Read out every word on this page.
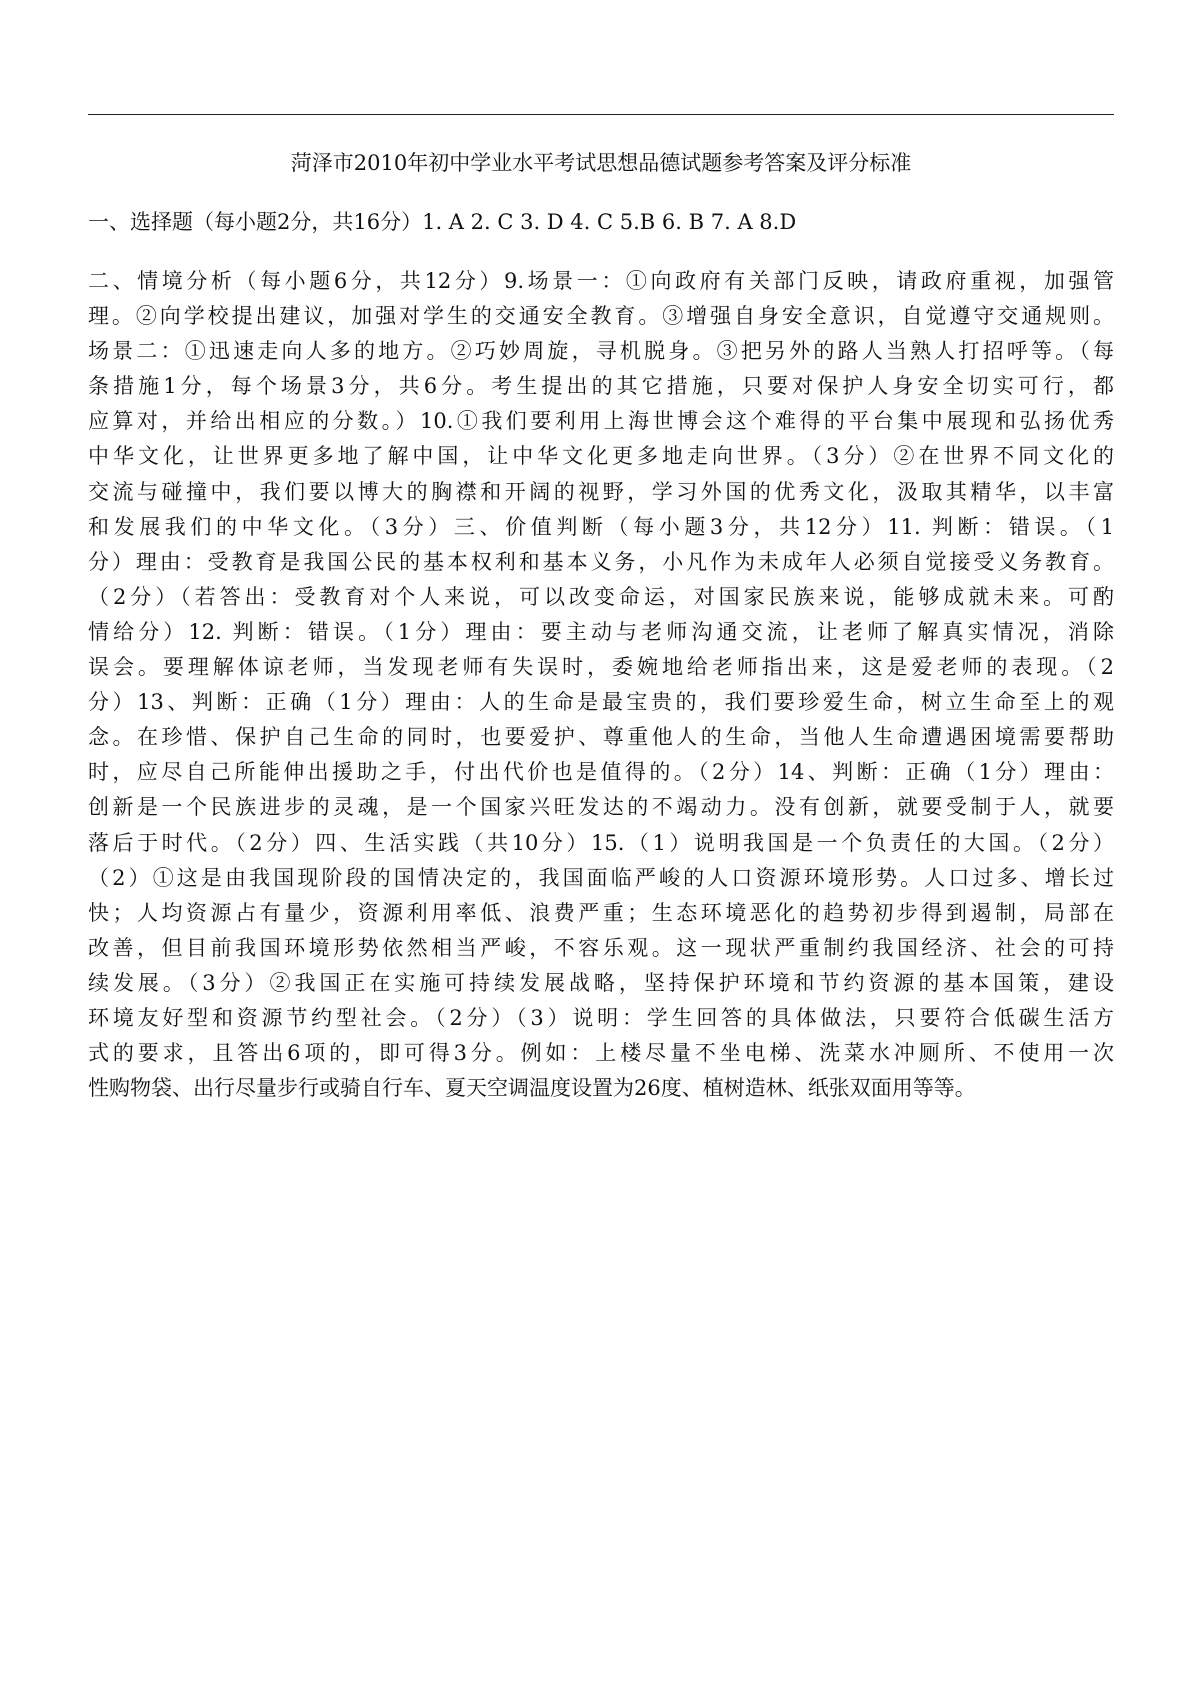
菏泽市2010年初中学业水平考试思想品德试题参考答案及评分标准
一、选择题（每小题2分，共16分）1. A 2. C 3. D 4. C 5.B 6. B 7. A 8.D
二、情境分析（每小题6分，共12分）9.场景一：①向政府有关部门反映，请政府重视，加强管
理。②向学校提出建议，加强对学生的交通安全教育。③增强自身安全意识，自觉遵守交通规则。
场景二：①迅速走向人多的地方。②巧妙周旋，寻机脱身。③把另外的路人当熟人打招呼等。（每
条措施1分，每个场景3分，共6分。考生提出的其它措施，只要对保护人身安全切实可行，都
应算对，并给出相应的分数。）10.①我们要利用上海世博会这个难得的平台集中展现和弘扬优秀
中华文化，让世界更多地了解中国，让中华文化更多地走向世界。（3分）②在世界不同文化的
交流与碰撞中，我们要以博大的胸襟和开阔的视野，学习外国的优秀文化，汲取其精华，以丰富
和发展我们的中华文化。（3分）三、价值判断（每小题3分，共12分）11. 判断：错误。（1
分）理由：受教育是我国公民的基本权利和基本义务，小凡作为未成年人必须自觉接受义务教育。
（2分）（若答出：受教育对个人来说，可以改变命运，对国家民族来说，能够成就未来。可酌
情给分）12. 判断：错误。（1分）理由：要主动与老师沟通交流，让老师了解真实情况，消除
误会。要理解体谅老师，当发现老师有失误时，委婉地给老师指出来，这是爱老师的表现。（2
分）13、判断：正确（1分）理由：人的生命是最宝贵的，我们要珍爱生命，树立生命至上的观
念。在珍惜、保护自己生命的同时，也要爱护、尊重他人的生命，当他人生命遭遇困境需要帮助
时，应尽自己所能伸出援助之手，付出代价也是值得的。（2分）14、判断：正确（1分）理由：
创新是一个民族进步的灵魂，是一个国家兴旺发达的不竭动力。没有创新，就要受制于人，就要
落后于时代。（2分）四、生活实践（共10分）15.（1）说明我国是一个负责任的大国。（2分）
（2）①这是由我国现阶段的国情决定的，我国面临严峻的人口资源环境形势。人口过多、增长过
快；人均资源占有量少，资源利用率低、浪费严重；生态环境恶化的趋势初步得到遏制，局部在
改善，但目前我国环境形势依然相当严峻，不容乐观。这一现状严重制约我国经济、社会的可持
续发展。（3分）②我国正在实施可持续发展战略，坚持保护环境和节约资源的基本国策，建设
环境友好型和资源节约型社会。（2分）（3）说明：学生回答的具体做法，只要符合低碳生活方
式的要求，且答出6项的，即可得3分。例如：上楼尽量不坐电梯、洗菜水冲厕所、不使用一次
性购物袋、出行尽量步行或骑自行车、夏天空调温度设置为26度、植树造林、纸张双面用等等。
